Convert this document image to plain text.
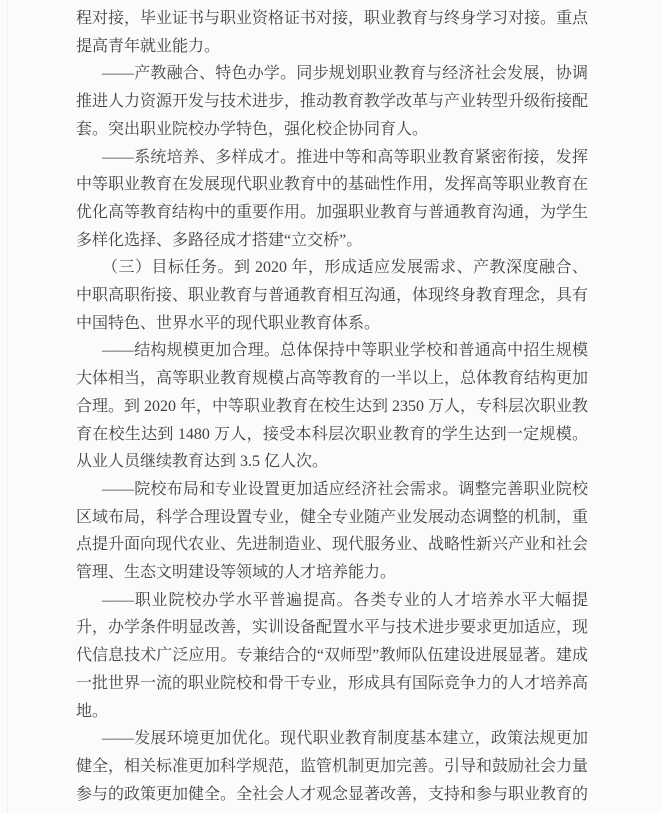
程对接，毕业证书与职业资格证书对接，职业教育与终身学习对接。重点提高青年就业能力。

——产教融合、特色办学。同步规划职业教育与经济社会发展，协调推进人力资源开发与技术进步，推动教育教学改革与产业转型升级衔接配套。突出职业院校办学特色，强化校企协同育人。

——系统培养、多样成才。推进中等和高等职业教育紧密衔接，发挥中等职业教育在发展现代职业教育中的基础性作用，发挥高等职业教育在优化高等教育结构中的重要作用。加强职业教育与普通教育沟通，为学生多样化选择、多路径成才搭建“立交桥”。

（三）目标任务。到 2020 年，形成适应发展需求、产教深度融合、中职高职衔接、职业教育与普通教育相互沟通，体现终身教育理念，具有中国特色、世界水平的现代职业教育体系。

——结构规模更加合理。总体保持中等职业学校和普通高中招生规模大体相当，高等职业教育规模占高等教育的一半以上，总体教育结构更加合理。到 2020 年，中等职业教育在校生达到 2350 万人，专科层次职业教育在校生达到 1480 万人，接受本科层次职业教育的学生达到一定规模。从业人员继续教育达到 3.5 亿人次。

——院校布局和专业设置更加适应经济社会需求。调整完善职业院校区域布局，科学合理设置专业，健全专业随产业发展动态调整的机制，重点提升面向现代农业、先进制造业、现代服务业、战略性新兴产业和社会管理、生态文明建设等领域的人才培养能力。

——职业院校办学水平普遍提高。各类专业的人才培养水平大幅提升，办学条件明显改善，实训设备配置水平与技术进步要求更加适应，现代信息技术广泛应用。专兼结合的“双师型”教师队伍建设进展显著。建成一批世界一流的职业院校和骨干专业，形成具有国际竞争力的人才培养高地。

——发展环境更加优化。现代职业教育制度基本建立，政策法规更加健全，相关标准更加科学规范，监管机制更加完善。引导和鼓励社会力量参与的政策更加健全。全社会人才观念显著改善，支持和参与职业教育的
